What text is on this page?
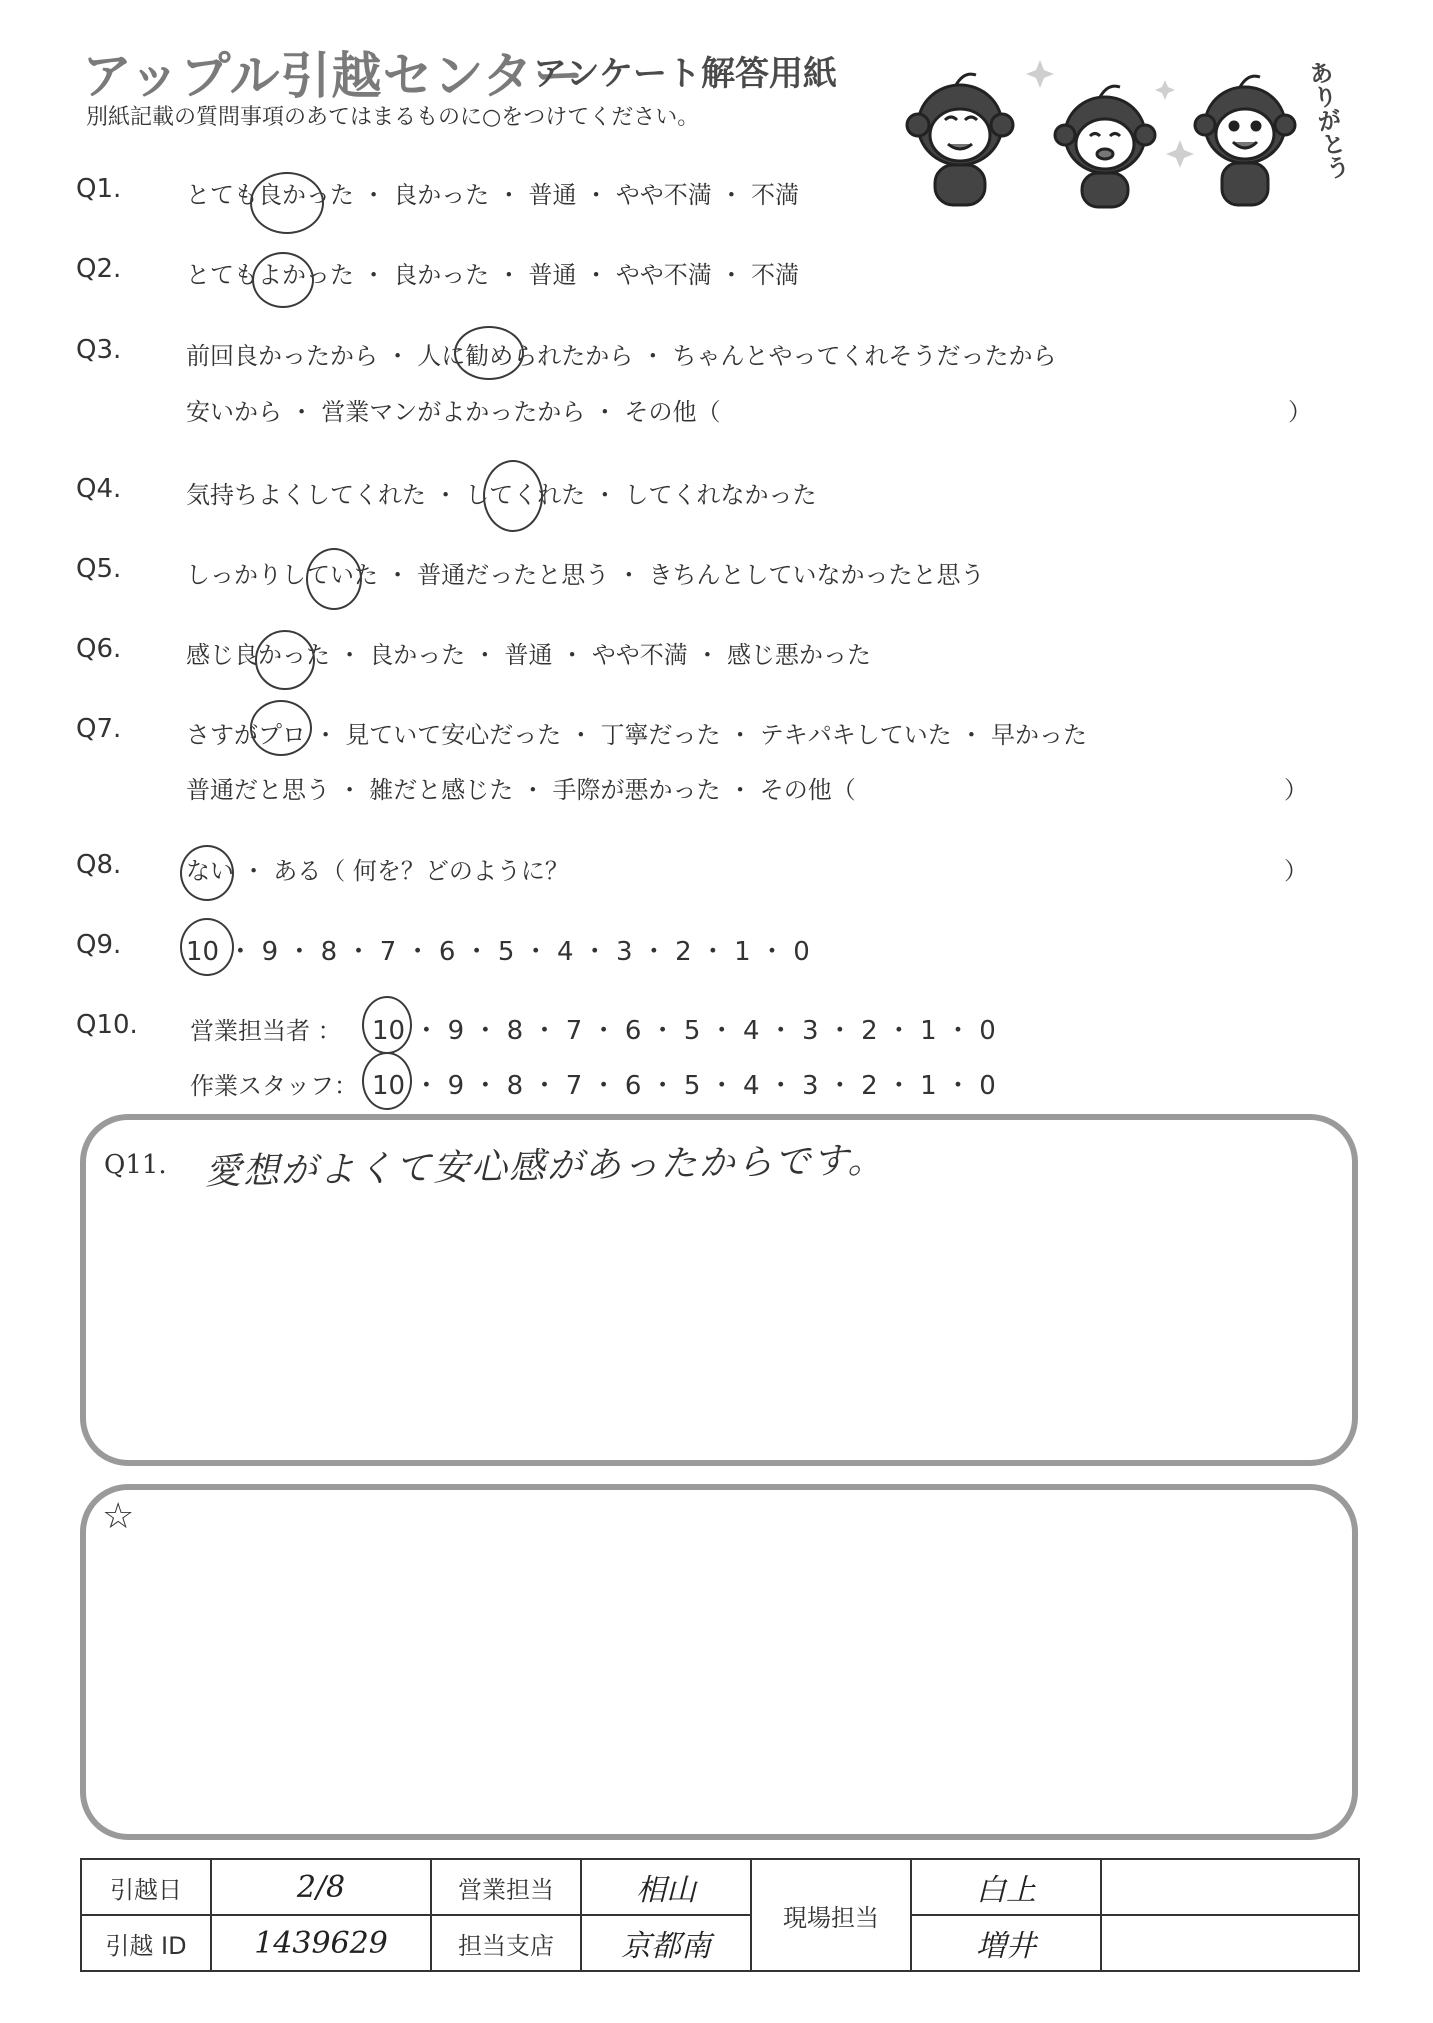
アップル引越センター
アンケート解答用紙
別紙記載の質問事項のあてはまるものに○をつけてください。	ありがとう
Q1.	とても良かった ・ 良かった ・ 普通 ・ やや不満 ・ 不満
Q2.	とてもよかった ・ 良かった ・ 普通 ・ やや不満 ・ 不満
Q3.	前回良かったから ・ 人に勧められたから ・ ちゃんとやってくれそうだったから
安いから ・ 営業マンがよかったから ・ その他（	）
Q4.	気持ちよくしてくれた ・ してくれた ・ してくれなかった
Q5.	しっかりしていた ・ 普通だったと思う ・ きちんとしていなかったと思う
Q6.	感じ良かった ・ 良かった ・ 普通 ・ やや不満 ・ 感じ悪かった
Q7.	さすがプロ ・ 見ていて安心だった ・ 丁寧だった ・ テキパキしていた ・ 早かった
普通だと思う ・ 雑だと感じた ・ 手際が悪かった ・ その他（	）
Q8.	ない ・ ある（ 何を？どのように？	）
Q9. 10 ・ 9 ・ 8 ・ 7 ・ 6 ・ 5 ・ 4 ・ 3 ・ 2 ・ 1 ・ 0
Q10. 営業担当者 ： 10 ・ 9 ・ 8 ・ 7 ・ 6 ・ 5 ・ 4 ・ 3 ・ 2 ・ 1 ・ 0
作業スタッフ： 10 ・ 9 ・ 8 ・ 7 ・ 6 ・ 5 ・ 4 ・ 3 ・ 2 ・ 1 ・ 0
Q11. 愛想がよくて安心感があったからです。
☆
引越日	2/8	営業担当	相山	現場担当	白上	
引越 ID	1439629	担当支店	京都南		増井	
